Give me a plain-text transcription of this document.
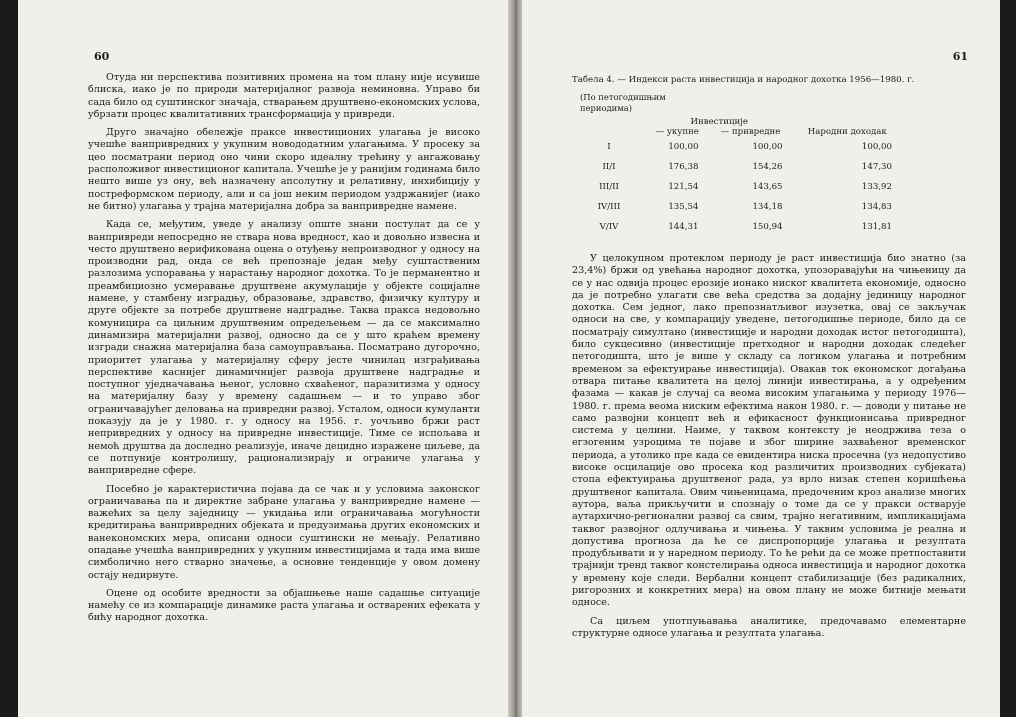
60

Отуда ни перспектива позитивних промена на том плану није исувише блиска, иако је по природи материјалног развоја неминовна. Управо би сада било од суштинског значаја, стварањем друштвено-економских услова, убрзати процес квалитативних трансформација у привреди.

Друго значајно обележје праксе инвестиционих улагања је високо учешће ванпривредних у укупним новододатним улагањима. У просеку за цео посматрани период оно чини скоро идеалну трећину у ангажовању расположивог инвестиционог капитала. Учешће је у ранијим годинама било нешто више уз ону, већ назначену апсолутну и релативну, инхибицију у постреформском периоду, али и са још неким периодом уздржанијег (иако не битно) улагања у трајна материјална добра за ванпривредне намене.

Када се, међутим, уведе у анализу опште знани постулат да се у ванпривреди непосредно не ствара нова вредност, као и довољно извесна и често друштвено верификована оцена о отуђењу непроизводног у односу на производни рад, онда се већ препознаје један међу суштаственим разлозима успоравања у нарастању народног дохотка. То је перманентно и преамбициозно усмеравање друштвене акумулације у објекте социјалне намене, у стамбену изградњу, образовање, здравство, физичку културу и друге објекте за потребе друштвене надградње. Таква пракса недовољно комуницира са циљним друштвеним опредељењем — да се максимално динамизира материјални развој, односно да се у што краћем времену изгради снажна материјална база самоуправљања. Посматрано дугорочно, приоритет улагања у материјалну сферу јесте чинилац изграђивања перспективе каснијег динамичнијег развоја друштвене надградње и поступног уједначавања њеног, условно схваћеног, паразитизма у односу на материјалну базу у временy садашњем — и то управо због ограничавајућег деловања на привредни развој. Усталом, односи кумуланти показују да је у 1980. г. у односу на 1956. г. уочљиво бржи раст непривредних у односу на привредне инвестиције. Тиме се испољава и немоћ друштва да доследно реализује, иначе децидно изражене циљеве, да се потпуније контролишу, рационализирају и ограниче улагања у ванпривредне сфере.

Посебно је карактеристична појава да се чак и у условима законског ограничавања па и директне забране улагања у ванпривредне намене — важећих за целу заједницу — укидања или ограничавања могућности кредитирања ванпривредних објеката и предузимања других економских и ванекономских мера, описани односи суштински не мењају. Релативно опадање учешћа ванпривредних у укупним инвестицијама и тада има више симболично него стварно значење, а основне тенденције у овом домену остају недирнуте.

Оцене од особите вредности за објашњење наше садашње ситуације намећу се из компарације динамике раста улагања и остварених ефеката у бићу народног дохотка.

61
Табела 4. — Индекси раста инвестиција и народног дохотка 1956—1980. г.
(По петогодишњим периодима)
	Инвестиције		Народни доходак
	— укупне	— привредне	
I	100,00	100,00	100,00
II/I	176,38	154,26	147,30
III/II	121,54	143,65	133,92
IV/III	135,54	134,18	134,83
V/IV	144,31	150,94	131,81

У целокупном протеклом периоду је раст инвестиција био знатно (за 23,4%) бржи од увећања народног дохотка, упозоравајући на чињеницу да се у нас одвија процес ерозије ионако ниског квалитета економије, односно да је потребно улагати све већа средства за додајну јединицу народног дохотка. Сем једног, лако препознатљивог изузетка, овај се закључак односи на све, у компарацију уведене, петогодишње периоде, било да се посматрају симултано (инвестиције и народни доходак истог петогодишта), било сукцесивно (инвестиције претходног и народни доходак следећег петогодишта, што је више у складу са логиком улагања и потребним временом за ефектуирање инвестиција). Овакав ток економског догађања отвара питање квалитета на целој линији инвестирања, а у одређеним фазама — какав је случај са веома високим улагањима у периоду 1976—1980. г. према веома ниским ефектима након 1980. г. — доводи у питање не само развојни концепт већ и ефикасност функционисања привредног система у целини. Наиме, у таквом контексту је неодржива теза о егзогеним узроцима те појаве и због ширине захваћеног временског периода, а утолико пре када се евидентира ниска просечна (уз недопустиво високе осцилације ово просека код различитих производних субјеката) стопа ефектуирања друштвеног рада, уз врло низак степен коришћења друштвеног капитала. Овим чињеницама, предоченим кроз анализе многих аутора, ваља прикључити и спознају о томе да се у пракси остварује аутархично-регионални развој са свим, трајно негативним, импликацијама таквог развојног одлучивања и чињења. У таквим условима је реална и допустива прогноза да ће се диспропорције улагања и резултата продубљивати и у наредном периоду. То ће рећи да се може претпоставити трајнији тренд таквог констелирања односа инвестиција и народног дохотка у времену које следи. Вербални концепт стабилизације (без радикалних, ригорозних и конкретних мера) на овом плану не може битније мењати односе.

Са циљем употпуњавања аналитике, предочавамо елементарне структурне односе улагања и резултата улагања.
